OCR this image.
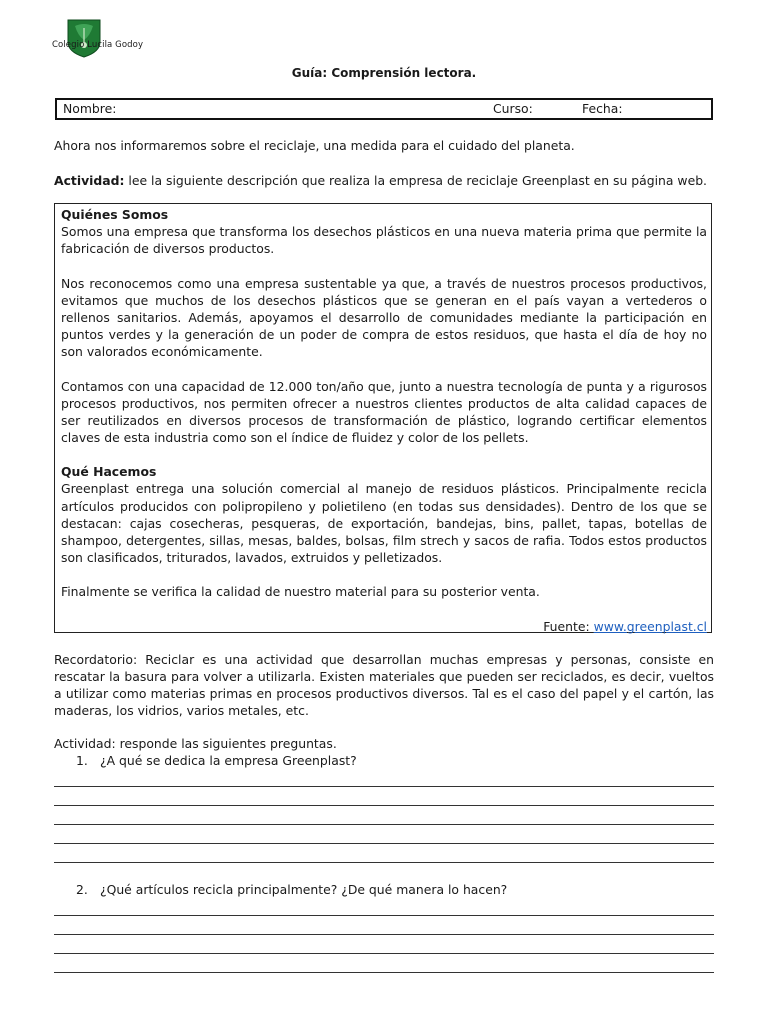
Colegio Lucila Godoy
Guía: Comprensión lectora.
Nombre:	Curso:	Fecha:
Ahora nos informaremos sobre el reciclaje, una medida para el cuidado del planeta.
Actividad: lee la siguiente descripción que realiza la empresa de reciclaje Greenplast en su página web.
Quiénes Somos

Somos una empresa que transforma los desechos plásticos en una nueva materia prima que permite la fabricación de diversos productos.

Nos reconocemos como una empresa sustentable ya que, a través de nuestros procesos productivos, evitamos que muchos de los desechos plásticos que se generan en el país vayan a vertederos o rellenos sanitarios. Además, apoyamos el desarrollo de comunidades mediante la participación en puntos verdes y la generación de un poder de compra de estos residuos, que hasta el día de hoy no son valorados económicamente.

Contamos con una capacidad de 12.000 ton/año que, junto a nuestra tecnología de punta y a rigurosos procesos productivos, nos permiten ofrecer a nuestros clientes productos de alta calidad capaces de ser reutilizados en diversos procesos de transformación de plástico, logrando certificar elementos claves de esta industria como son el índice de fluidez y color de los pellets.

Qué Hacemos

Greenplast entrega una solución comercial al manejo de residuos plásticos. Principalmente recicla artículos producidos con polipropileno y polietileno (en todas sus densidades). Dentro de los que se destacan: cajas cosecheras, pesqueras, de exportación, bandejas, bins, pallet, tapas, botellas de shampoo, detergentes, sillas, mesas, baldes, bolsas, film strech y sacos de rafia. Todos estos productos son clasificados, triturados, lavados, extruidos y pelletizados.

Finalmente se verifica la calidad de nuestro material para su posterior venta.

Fuente: www.greenplast.cl

Recordatorio: Reciclar es una actividad que desarrollan muchas empresas y personas, consiste en rescatar la basura para volver a utilizarla. Existen materiales que pueden ser reciclados, es decir, vueltos a utilizar como materias primas en procesos productivos diversos. Tal es el caso del papel y el cartón, las maderas, los vidrios, varios metales, etc.
Actividad: responde las siguientes preguntas.
1. ¿A qué se dedica la empresa Greenplast?
2. ¿Qué artículos recicla principalmente? ¿De qué manera lo hacen?
